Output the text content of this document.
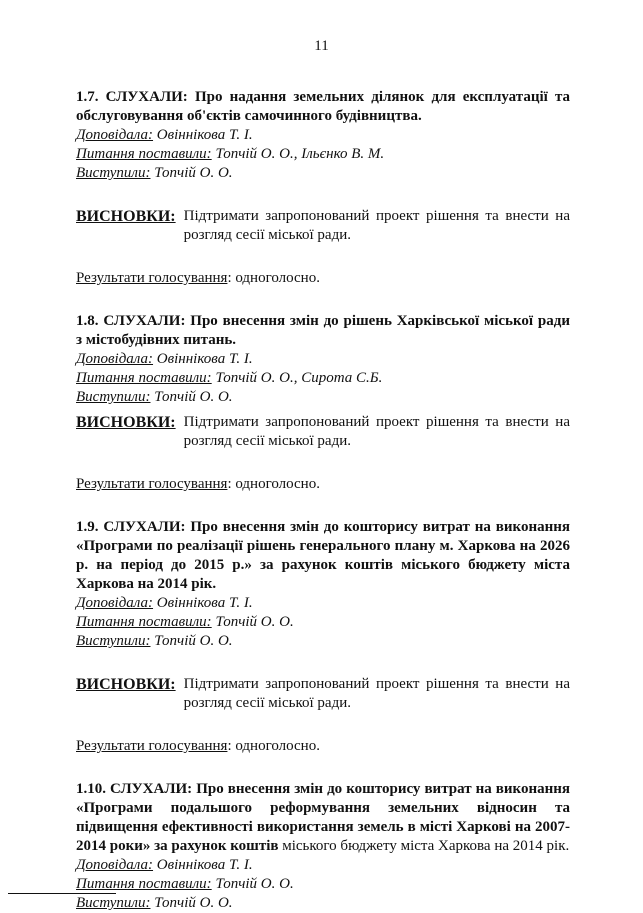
11
1.7. СЛУХАЛИ: Про надання земельних ділянок для експлуатації та обслуговування об'єктів самочинного будівництва.
Доповідала: Овіннікова Т. І.
Питання поставили: Топчій О. О., Ільєнко В. М.
Виступили: Топчій О. О.
ВИСНОВКИ: Підтримати запропонований проект рішення та внести на розгляд сесії міської ради.
Результати голосування: одноголосно.
1.8. СЛУХАЛИ: Про внесення змін до рішень Харківської міської ради з містобудівних питань.
Доповідала: Овіннікова Т. І.
Питання поставили: Топчій О. О., Сирота С.Б.
Виступили: Топчій О. О.
ВИСНОВКИ: Підтримати запропонований проект рішення та внести на розгляд сесії міської ради.
Результати голосування: одноголосно.
1.9. СЛУХАЛИ: Про внесення змін до кошторису витрат на виконання «Програми по реалізації рішень генерального плану м. Харкова на 2026 р. на період до 2015 р.» за рахунок коштів міського бюджету міста Харкова на 2014 рік.
Доповідала: Овіннікова Т. І.
Питання поставили: Топчій О. О.
Виступили: Топчій О. О.
ВИСНОВКИ: Підтримати запропонований проект рішення та внести на розгляд сесії міської ради.
Результати голосування: одноголосно.
1.10. СЛУХАЛИ: Про внесення змін до кошторису витрат на виконання «Програми подальшого реформування земельних відносин та підвищення ефективності використання земель в місті Харкові на 2007-2014 роки» за рахунок коштів міського бюджету міста Харкова на 2014 рік.
Доповідала: Овіннікова Т. І.
Питання поставили: Топчій О. О.
Виступили: Топчій О. О.
